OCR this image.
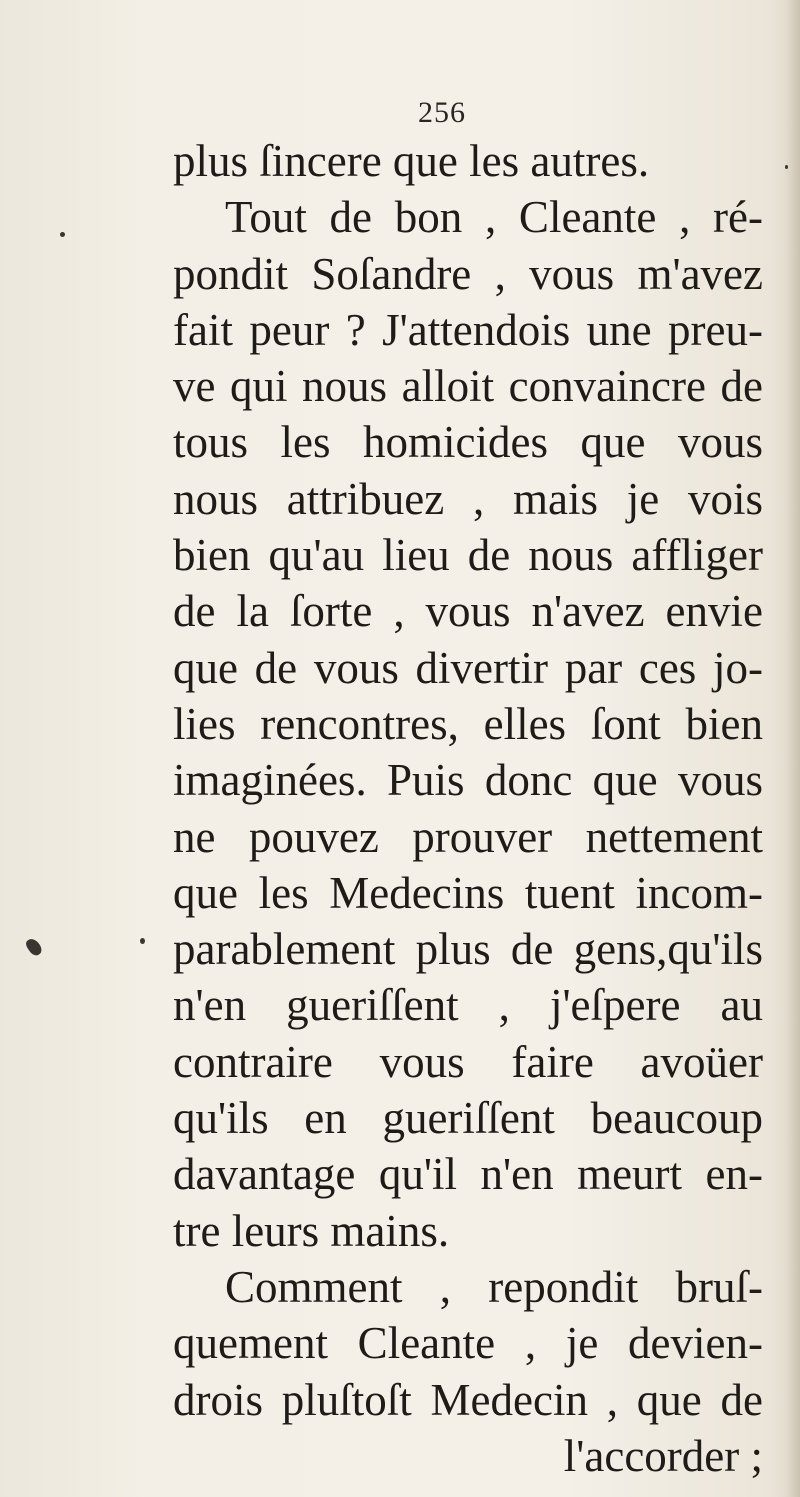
256
plus ſincere que les autres.
Tout de bon , Cleante , ré-
pondit Soſandre , vous m'avez
fait peur ? J'attendois une preu-
ve qui nous alloit convaincre de
tous les homicides que vous
nous attribuez , mais je vois
bien qu'au lieu de nous affliger
de la ſorte , vous n'avez envie
que de vous divertir par ces jo-
lies rencontres, elles ſont bien
imaginées. Puis donc que vous
ne pouvez prouver nettement
que les Medecins tuent incom-
parablement plus de gens,qu'ils
n'en gueriſſent , j'eſpere au
contraire vous faire avoüer
qu'ils en gueriſſent beaucoup
davantage qu'il n'en meurt en-
tre leurs mains.
Comment , repondit bruſ-
quement Cleante , je devien-
drois pluſtoſt Medecin , que de
l'accorder ;
